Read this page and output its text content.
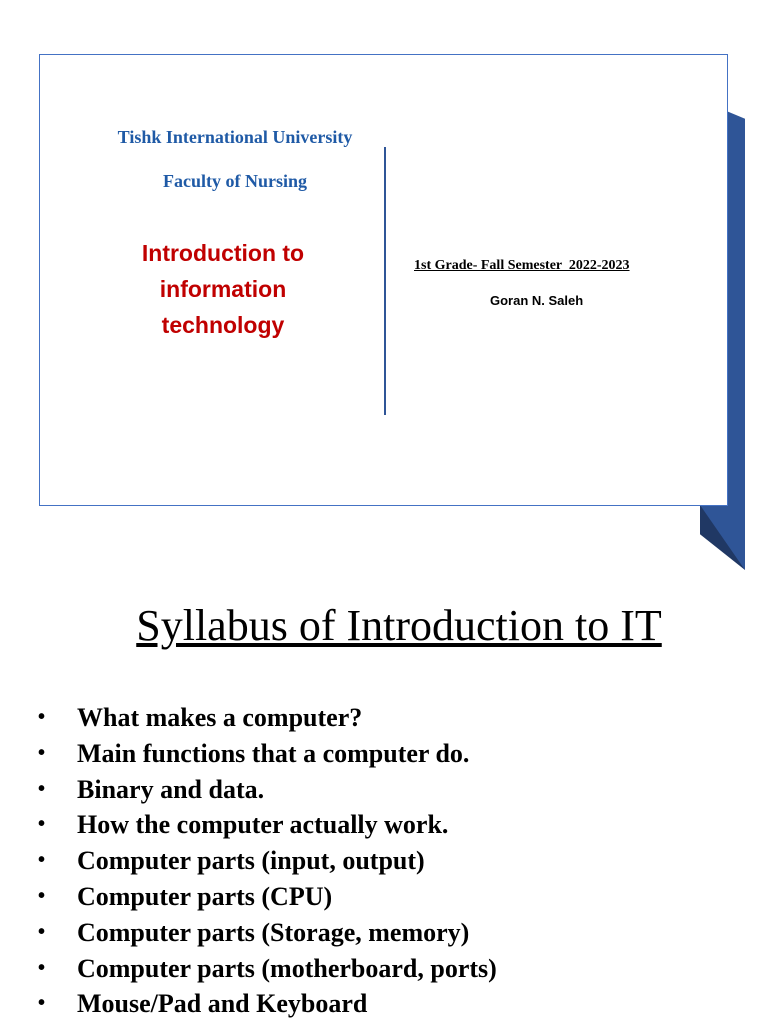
Tishk International University
Faculty of Nursing
Introduction to
information
technology
1st Grade- Fall Semester  2022-2023
Goran N. Saleh
Syllabus of Introduction to IT
• What makes a computer?
• Main functions that a computer do.
• Binary and data.
• How the computer actually work.
• Computer parts (input, output)
• Computer parts (CPU)
• Computer parts (Storage, memory)
• Computer parts (motherboard, ports)
• Mouse/Pad and Keyboard
